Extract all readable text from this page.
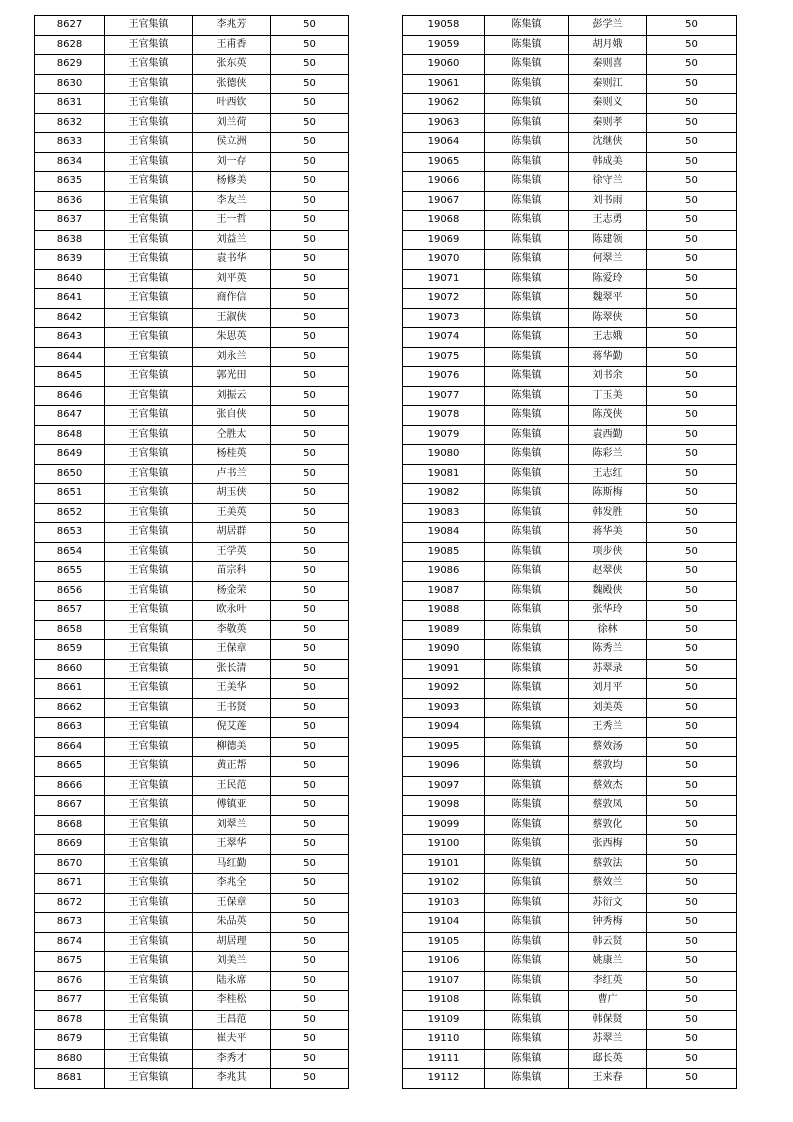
8627	王官集镇	李兆芳	50
8628	王官集镇	王甫香	50
8629	王官集镇	张东英	50
8630	王官集镇	张德侠	50
8631	王官集镇	叶西钦	50
8632	王官集镇	刘兰荷	50
8633	王官集镇	侯立洲	50
8634	王官集镇	刘一存	50
8635	王官集镇	杨修美	50
8636	王官集镇	李友兰	50
8637	王官集镇	王一哲	50
8638	王官集镇	刘益兰	50
8639	王官集镇	袁书华	50
8640	王官集镇	刘平英	50
8641	王官集镇	商作信	50
8642	王官集镇	王淑侠	50
8643	王官集镇	朱思英	50
8644	王官集镇	刘永兰	50
8645	王官集镇	郭光田	50
8646	王官集镇	刘振云	50
8647	王官集镇	张自侠	50
8648	王官集镇	仝胜太	50
8649	王官集镇	杨桂英	50
8650	王官集镇	卢书兰	50
8651	王官集镇	胡玉侠	50
8652	王官集镇	王美英	50
8653	王官集镇	胡居群	50
8654	王官集镇	王学英	50
8655	王官集镇	苗宗科	50
8656	王官集镇	杨金荣	50
8657	王官集镇	欧永叶	50
8658	王官集镇	李敬英	50
8659	王官集镇	王保章	50
8660	王官集镇	张长清	50
8661	王官集镇	王美华	50
8662	王官集镇	王书贤	50
8663	王官集镇	倪艾莲	50
8664	王官集镇	柳德美	50
8665	王官集镇	黄正帮	50
8666	王官集镇	王民范	50
8667	王官集镇	傅镇亚	50
8668	王官集镇	刘翠兰	50
8669	王官集镇	王翠华	50
8670	王官集镇	马红勤	50
8671	王官集镇	李兆全	50
8672	王官集镇	王保章	50
8673	王官集镇	朱品英	50
8674	王官集镇	胡居理	50
8675	王官集镇	刘美兰	50
8676	王官集镇	陆永席	50
8677	王官集镇	李桂松	50
8678	王官集镇	王昌范	50
8679	王官集镇	崔夫平	50
8680	王官集镇	李秀才	50
8681	王官集镇	李兆其	50
19058	陈集镇	彭学兰	50
19059	陈集镇	胡月娥	50
19060	陈集镇	秦则喜	50
19061	陈集镇	秦则江	50
19062	陈集镇	秦则义	50
19063	陈集镇	秦则孝	50
19064	陈集镇	沈继侠	50
19065	陈集镇	韩成美	50
19066	陈集镇	徐守兰	50
19067	陈集镇	刘书雨	50
19068	陈集镇	王志勇	50
19069	陈集镇	陈建领	50
19070	陈集镇	何翠兰	50
19071	陈集镇	陈爱玲	50
19072	陈集镇	魏翠平	50
19073	陈集镇	陈翠侠	50
19074	陈集镇	王志娥	50
19075	陈集镇	蒋华勤	50
19076	陈集镇	刘书余	50
19077	陈集镇	丁玉美	50
19078	陈集镇	陈茂侠	50
19079	陈集镇	袁西勤	50
19080	陈集镇	陈彩兰	50
19081	陈集镇	王志红	50
19082	陈集镇	陈斯梅	50
19083	陈集镇	韩发胜	50
19084	陈集镇	蒋华美	50
19085	陈集镇	项步侠	50
19086	陈集镇	赵翠侠	50
19087	陈集镇	魏殿侠	50
19088	陈集镇	张华玲	50
19089	陈集镇	徐林	50
19090	陈集镇	陈秀兰	50
19091	陈集镇	苏翠录	50
19092	陈集镇	刘月平	50
19093	陈集镇	刘美英	50
19094	陈集镇	王秀兰	50
19095	陈集镇	蔡效汤	50
19096	陈集镇	蔡敦均	50
19097	陈集镇	蔡效杰	50
19098	陈集镇	蔡敦凤	50
19099	陈集镇	蔡敦化	50
19100	陈集镇	张西梅	50
19101	陈集镇	蔡敦法	50
19102	陈集镇	蔡效兰	50
19103	陈集镇	苏衍文	50
19104	陈集镇	钟秀梅	50
19105	陈集镇	韩云贤	50
19106	陈集镇	姚康兰	50
19107	陈集镇	李红英	50
19108	陈集镇	曹广	50
19109	陈集镇	韩保贤	50
19110	陈集镇	苏翠兰	50
19111	陈集镇	邸长英	50
19112	陈集镇	王来春	50
